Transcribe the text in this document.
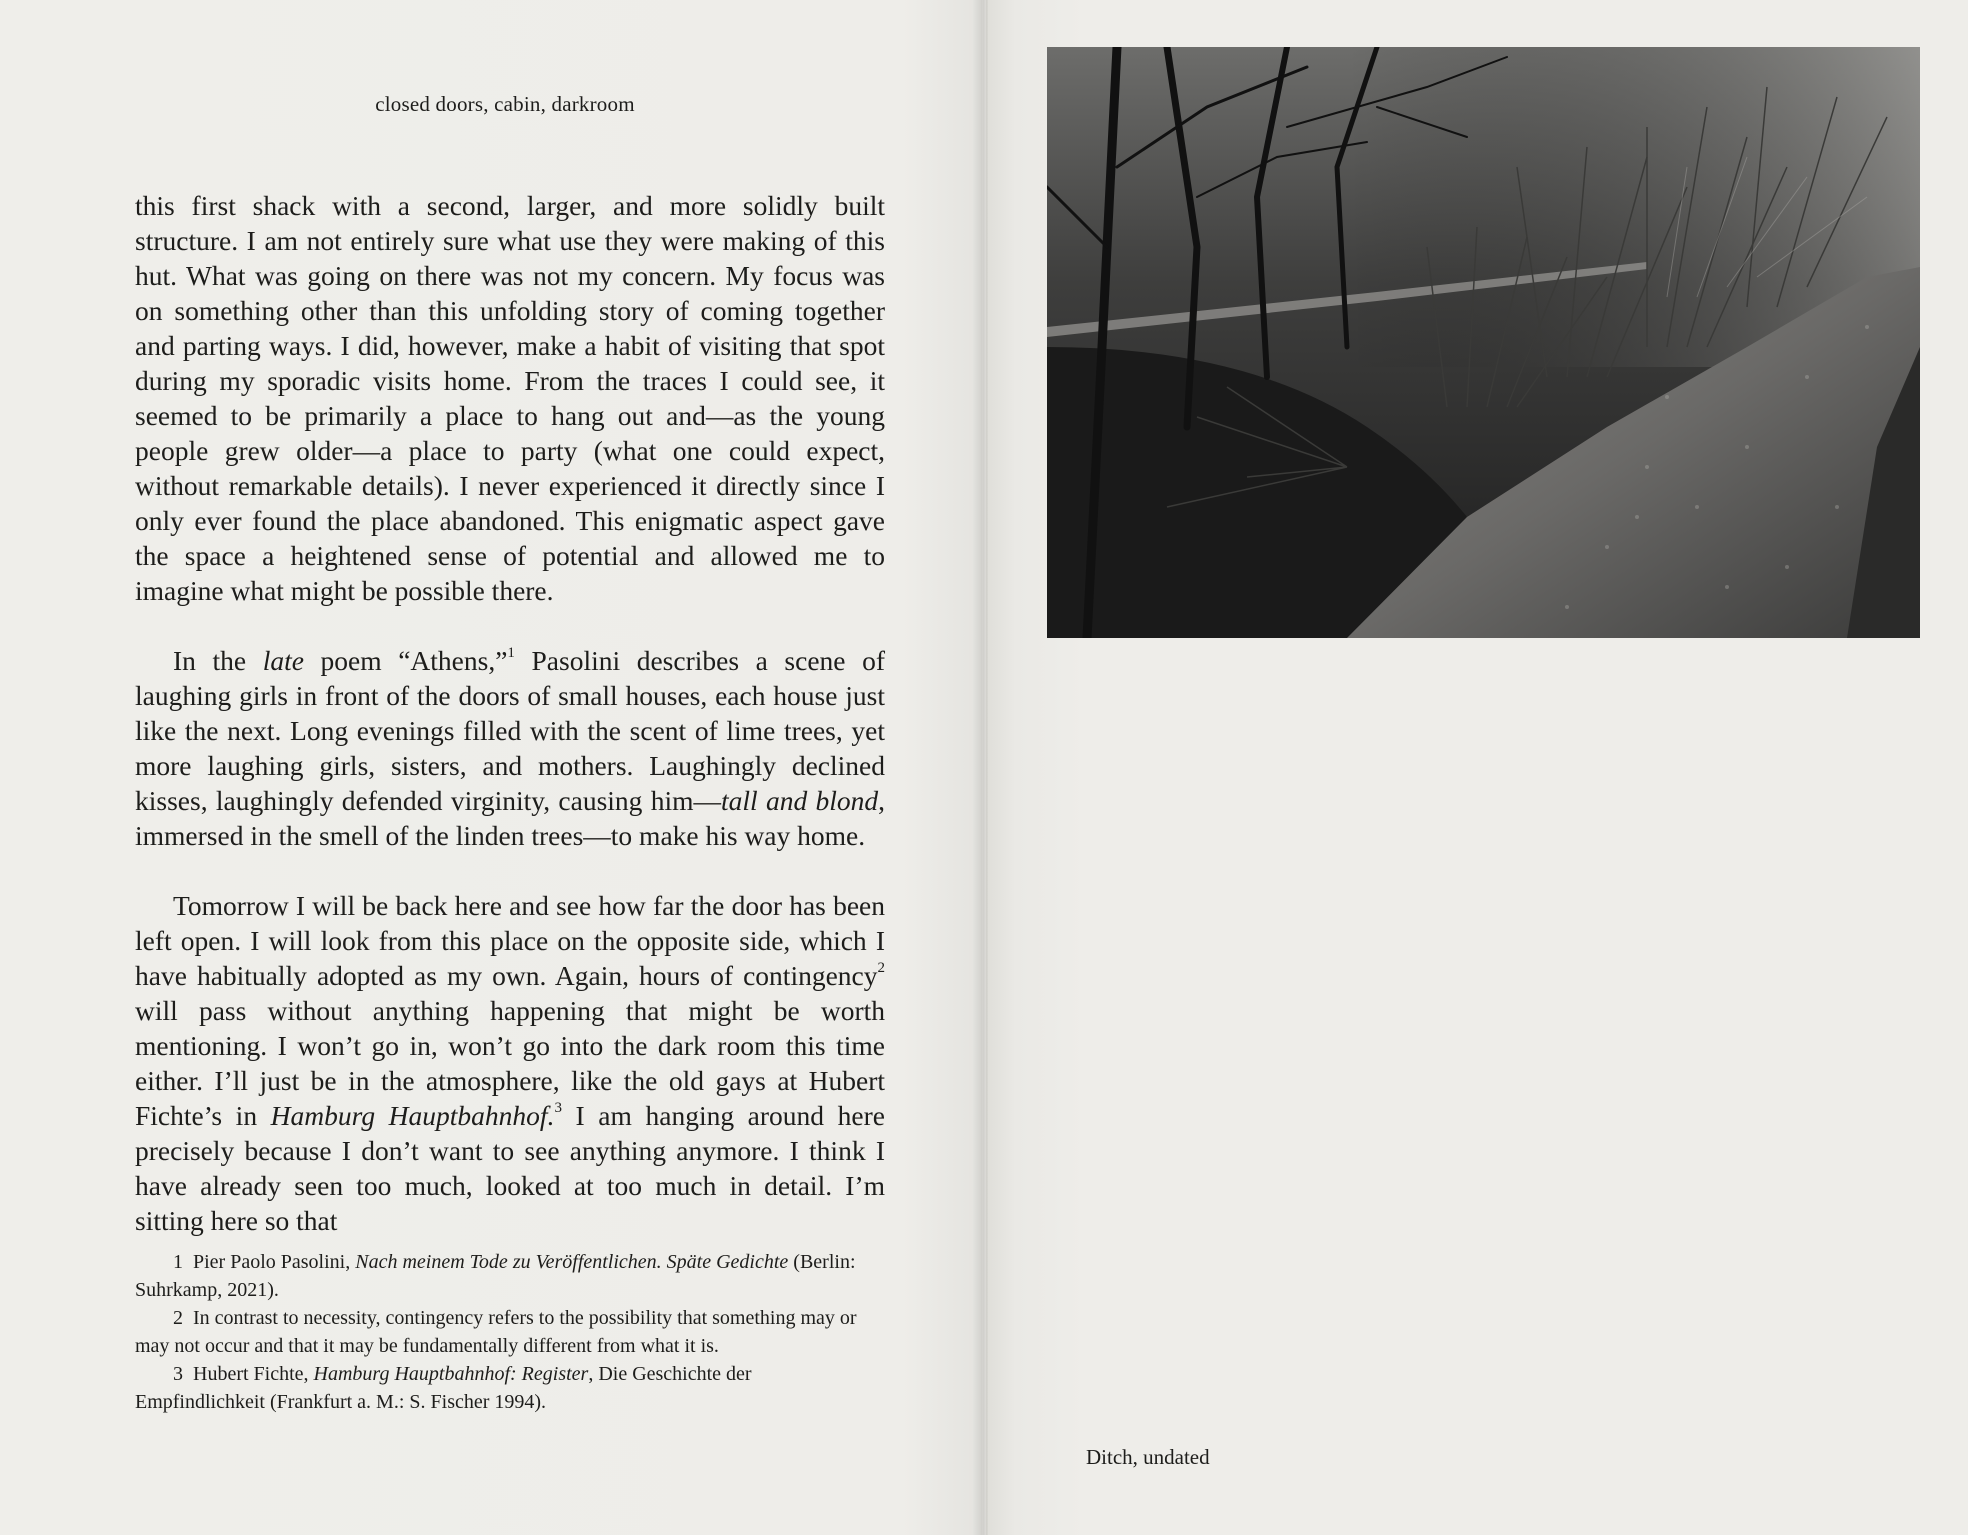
closed doors, cabin, darkroom

this first shack with a second, larger, and more solidly built structure. I am not entirely sure what use they were making of this hut. What was going on there was not my concern. My focus was on something other than this unfolding story of coming together and parting ways. I did, however, make a habit of visiting that spot during my sporadic visits home. From the traces I could see, it seemed to be primarily a place to hang out and—as the young people grew older—a place to party (what one could expect, without remarkable details). I never experienced it directly since I only ever found the place abandoned. This enigmatic aspect gave the space a heightened sense of potential and allowed me to imagine what might be possible there.

In the late poem “Athens,”$^1$ Pasolini describes a scene of laughing girls in front of the doors of small houses, each house just like the next. Long evenings filled with the scent of lime trees, yet more laughing girls, sisters, and mothers. Laughingly declined kisses, laughingly defended virginity, causing him—tall and blond, immersed in the smell of the linden trees—to make his way home.

Tomorrow I will be back here and see how far the door has been left open. I will look from this place on the opposite side, which I have habitually adopted as my own. Again, hours of contingency$^2$ will pass without anything happening that might be worth mentioning. I won’t go in, won’t go into the dark room this time either. I’ll just be in the atmosphere, like the old gays at Hubert Fichte’s in Hamburg Hauptbahnhof.$^3$ I am hanging around here precisely because I don’t want to see anything anymore. I think I have already seen too much, looked at too much in detail. I’m sitting here so that

1 Pier Paolo Pasolini, Nach meinem Tode zu Veröffentlichen. Späte Gedichte (Berlin: Suhrkamp, 2021).

2 In contrast to necessity, contingency refers to the possibility that something may or may not occur and that it may be fundamentally different from what it is.

3 Hubert Fichte, Hamburg Hauptbahnhof: Register, Die Geschichte der Empfindlichkeit (Frankfurt a. M.: S. Fischer 1994).

Ditch, undated
